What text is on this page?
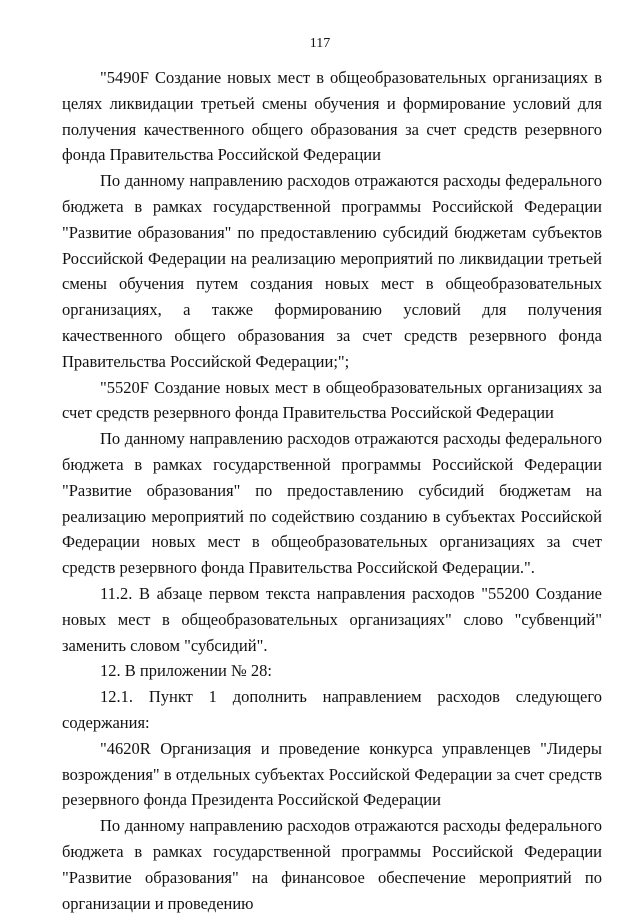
117

"5490F Создание новых мест в общеобразовательных организациях в целях ликвидации третьей смены обучения и формирование условий для получения качественного общего образования за счет средств резервного фонда Правительства Российской Федерации

По данному направлению расходов отражаются расходы федерального бюджета в рамках государственной программы Российской Федерации "Развитие образования" по предоставлению субсидий бюджетам субъектов Российской Федерации на реализацию мероприятий по ликвидации третьей смены обучения путем создания новых мест в общеобразовательных организациях, а также формированию условий для получения качественного общего образования за счет средств резервного фонда Правительства Российской Федерации;";

"5520F Создание новых мест в общеобразовательных организациях за счет средств резервного фонда Правительства Российской Федерации

По данному направлению расходов отражаются расходы федерального бюджета в рамках государственной программы Российской Федерации "Развитие образования" по предоставлению субсидий бюджетам на реализацию мероприятий по содействию созданию в субъектах Российской Федерации новых мест в общеобразовательных организациях за счет средств резервного фонда Правительства Российской Федерации.".

11.2. В абзаце первом текста направления расходов "55200 Создание новых мест в общеобразовательных организациях" слово "субвенций" заменить словом "субсидий".

12. В приложении № 28:

12.1. Пункт 1 дополнить направлением расходов следующего содержания:

"4620R Организация и проведение конкурса управленцев "Лидеры возрождения" в отдельных субъектах Российской Федерации за счет средств резервного фонда Президента Российской Федерации

По данному направлению расходов отражаются расходы федерального бюджета в рамках государственной программы Российской Федерации "Развитие образования" на финансовое обеспечение мероприятий по организации и проведению
